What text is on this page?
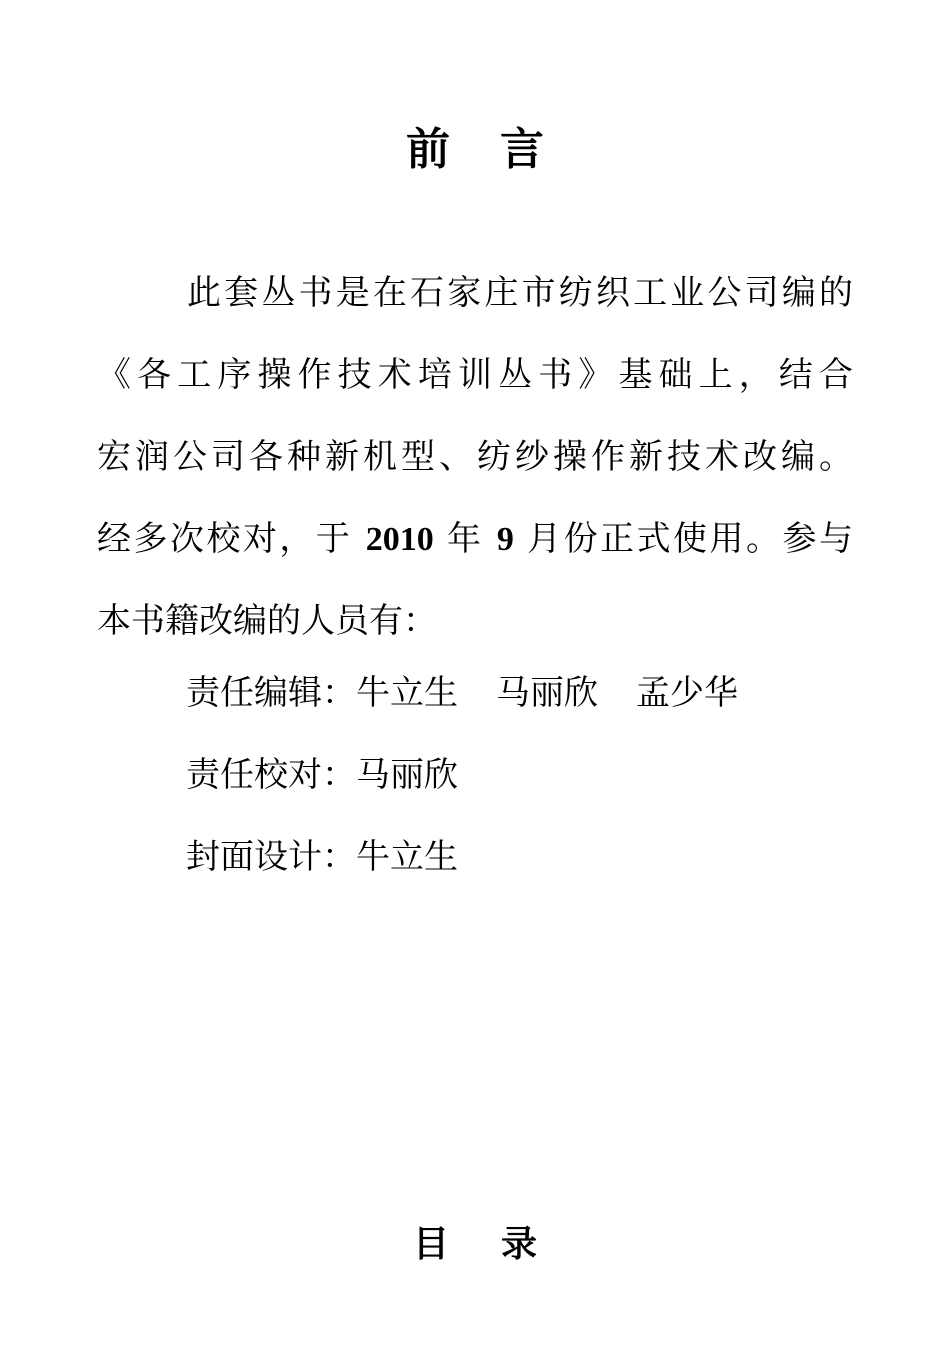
前 言
此套丛书是在石家庄市纺织工业公司编的
《各工序操作技术培训丛书》基础上，结合
宏润公司各种新机型、纺纱操作新技术改编。
经多次校对，于 2010 年 9 月份正式使用。参与
本书籍改编的人员有：
责任编辑：牛立生 马丽欣 孟少华
责任校对：马丽欣
封面设计：牛立生
目 录
